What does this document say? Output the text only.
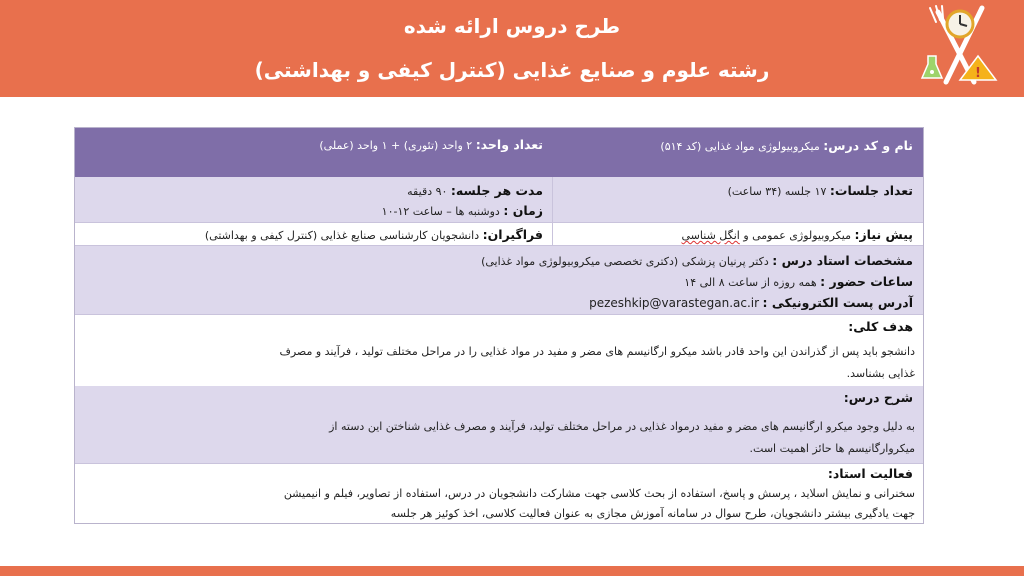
طرح دروس ارائه شده
رشته علوم و صنایع غذایی (کنترل کیفی و بهداشتی)	!
نام و کد درس: میکروبیولوژی مواد غذایی (کد ۵۱۴)
تعداد واحد: ۲ واحد (تئوری) + ۱ واحد (عملی)
تعداد جلسات: ۱۷ جلسه (۳۴ ساعت)
مدت هر جلسه: ۹۰ دقیقه
زمان : دوشنبه ها – ساعت ۱۲-۱۰
پیش نیاز: میکروبیولوژی عمومی و انگل شناسی
فراگیران: دانشجویان کارشناسی صنایع غذایی (کنترل کیفی و بهداشتی)
مشخصات استاد درس : دکتر پرنیان پزشکی (دکتری تخصصی میکروبیولوژی مواد غذایی)
ساعات حضور : همه روزه از ساعت ۸ الی ۱۴
آدرس پست الکترونیکی : pezeshkip@varastegan.ac.ir
هدف کلی:
دانشجو باید پس از گذراندن این واحد قادر باشد میکرو ارگانیسم های مضر و مفید در مواد غذایی را در مراحل مختلف تولید ، فرآیند و مصرف
غذایی بشناسد.
شرح درس:
به دلیل وجود میکرو ارگانیسم های مضر و مفید درمواد غذایی در مراحل مختلف تولید، فرآیند و مصرف غذایی شناختن این دسته از
میکروارگانیسم ها حائز اهمیت است.
فعالیت استاد:
سخنرانی و نمایش اسلاید ، پرسش و پاسخ، استفاده از بحث کلاسی جهت مشارکت دانشجویان در درس، استفاده از تصاویر، فیلم و انیمیشن
جهت یادگیری بیشتر دانشجویان، طرح سوال در سامانه آموزش مجازی به عنوان فعالیت کلاسی، اخذ کوئیز هر جلسه
